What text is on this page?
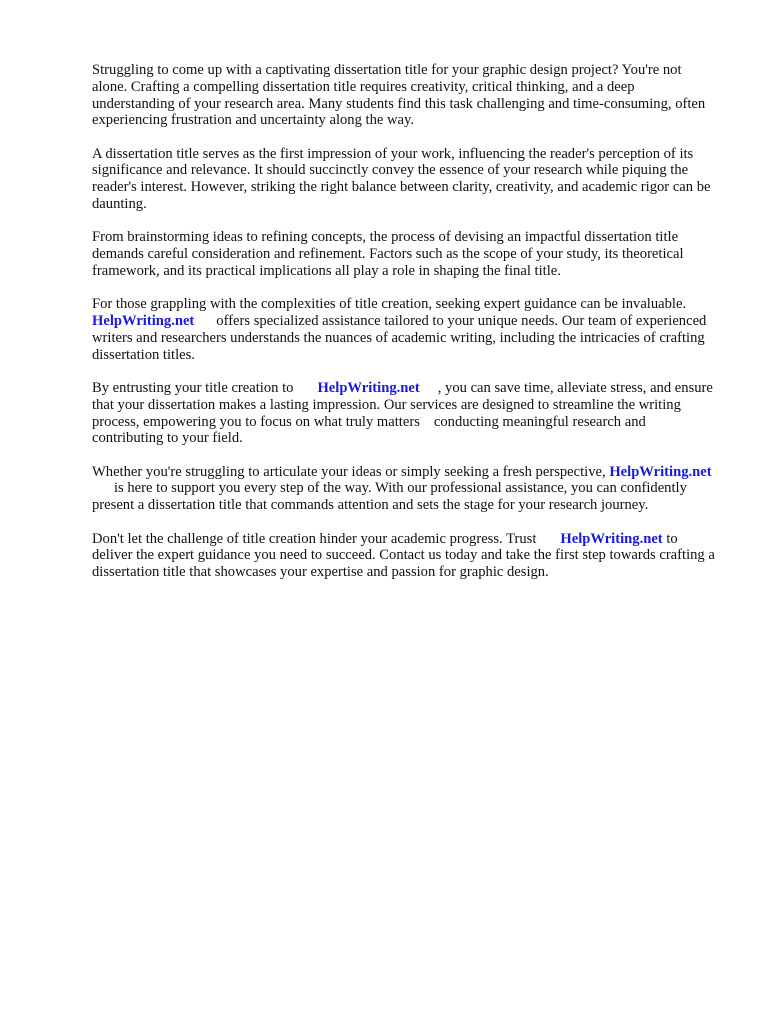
Struggling to come up with a captivating dissertation title for your graphic design project? You're not alone. Crafting a compelling dissertation title requires creativity, critical thinking, and a deep understanding of your research area. Many students find this task challenging and time-consuming, often experiencing frustration and uncertainty along the way.

A dissertation title serves as the first impression of your work, influencing the reader's perception of its significance and relevance. It should succinctly convey the essence of your research while piquing the reader's interest. However, striking the right balance between clarity, creativity, and academic rigor can be daunting.

From brainstorming ideas to refining concepts, the process of devising an impactful dissertation title demands careful consideration and refinement. Factors such as the scope of your study, its theoretical framework, and its practical implications all play a role in shaping the final title.

For those grappling with the complexities of title creation, seeking expert guidance can be invaluable.HelpWriting.net offers specialized assistance tailored to your unique needs. Our team of experienced writers and researchers understands the nuances of academic writing, including the intricacies of crafting dissertation titles.

By entrusting your title creation to HelpWriting.net , you can save time, alleviate stress, and ensure that your dissertation makes a lasting impression. Our services are designed to streamline the writing process, empowering you to focus on what truly matters conducting meaningful research and contributing to your field.

Whether you're struggling to articulate your ideas or simply seeking a fresh perspective, HelpWriting.netis here to support you every step of the way. With our professional assistance, you can confidently present a dissertation title that commands attention and sets the stage for your research journey.

Don't let the challenge of title creation hinder your academic progress. Trust HelpWriting.net to deliver the expert guidance you need to succeed. Contact us today and take the first step towards crafting a dissertation title that showcases your expertise and passion for graphic design.
